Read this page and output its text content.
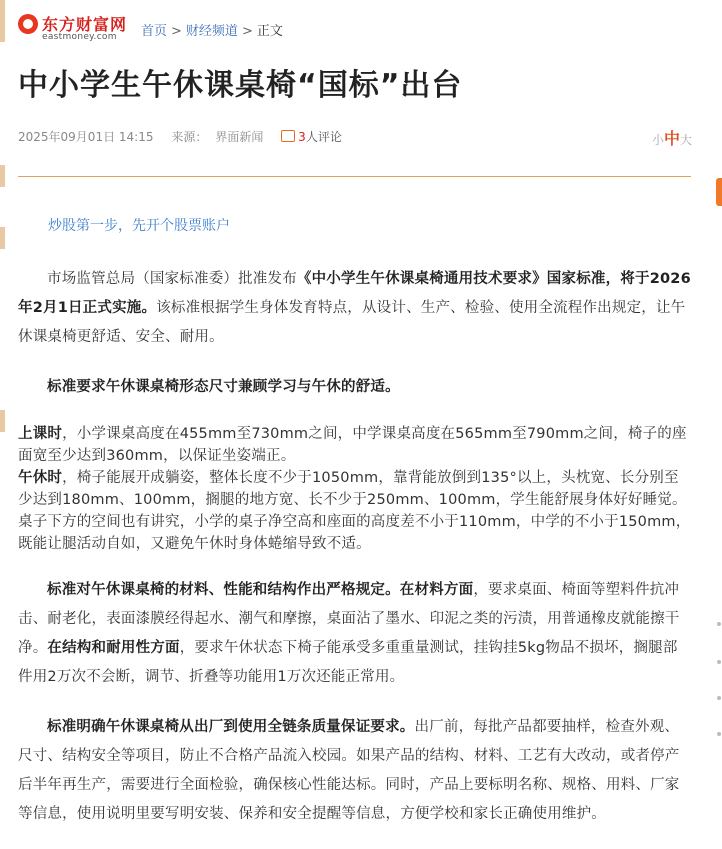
东方财富网
eastmoney.com 首页 > 财经频道 > 正文
中小学生午休课桌椅“国标”出台
2025年09月01日 14:15 来源： 界面新闻	3人评论	小中大
炒股第一步，先开个股票账户

市场监管总局（国家标准委）批准发布《中小学生午休课桌椅通用技术要求》国家标准，将于2026年2月1日正式实施。该标准根据学生身体发育特点，从设计、生产、检验、使用全流程作出规定，让午休课桌椅更舒适、安全、耐用。

标准要求午休课桌椅形态尺寸兼顾学习与午休的舒适。

上课时，小学课桌高度在455mm至730mm之间，中学课桌高度在565mm至790mm之间，椅子的座面宽至少达到360mm，以保证坐姿端正。

午休时，椅子能展开成躺姿，整体长度不少于1050mm，靠背能放倒到135°以上，头枕宽、长分别至少达到180mm、100mm，搁腿的地方宽、长不少于250mm、100mm，学生能舒展身体好好睡觉。桌子下方的空间也有讲究，小学的桌子净空高和座面的高度差不小于110mm，中学的不小于150mm，既能让腿活动自如，又避免午休时身体蜷缩导致不适。

标准对午休课桌椅的材料、性能和结构作出严格规定。在材料方面，要求桌面、椅面等塑料件抗冲击、耐老化，表面漆膜经得起水、潮气和摩擦，桌面沾了墨水、印泥之类的污渍，用普通橡皮就能擦干净。在结构和耐用性方面，要求午休状态下椅子能承受多重重量测试，挂钩挂5kg物品不损坏，搁腿部件用2万次不会断，调节、折叠等功能用1万次还能正常用。

标准明确午休课桌椅从出厂到使用全链条质量保证要求。出厂前，每批产品都要抽样，检查外观、尺寸、结构安全等项目，防止不合格产品流入校园。如果产品的结构、材料、工艺有大改动，或者停产后半年再生产，需要进行全面检验，确保核心性能达标。同时，产品上要标明名称、规格、用料、厂家等信息，使用说明里要写明安装、保养和安全提醒等信息，方便学校和家长正确使用维护。
